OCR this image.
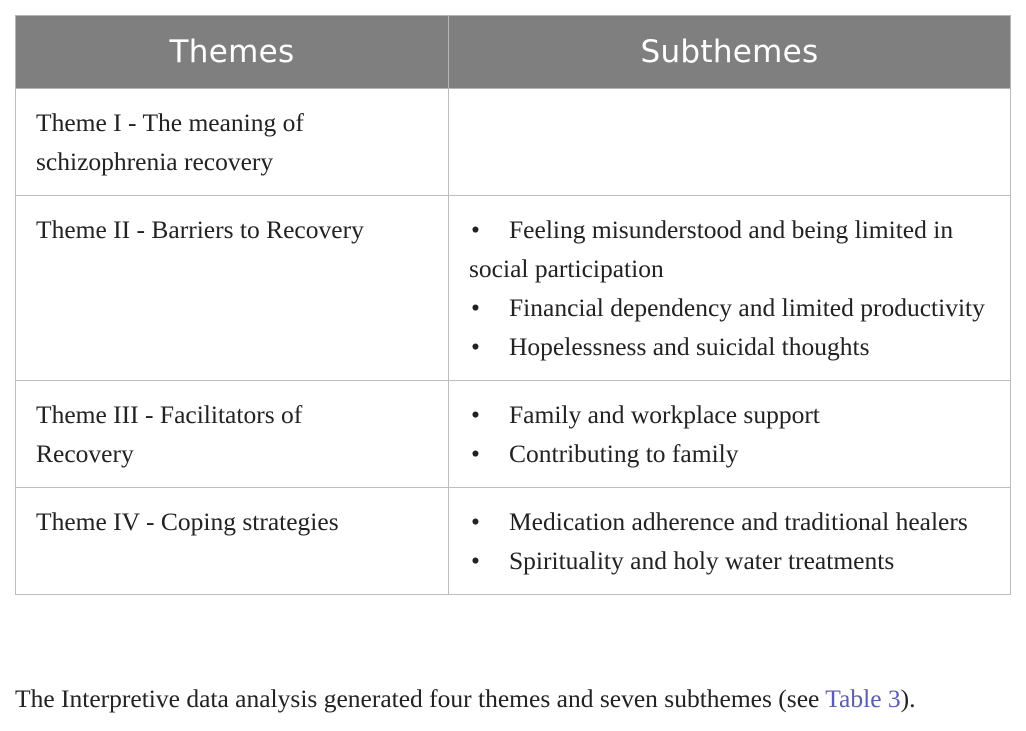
Themes	Subthemes
Theme I - The meaning of schizophrenia recovery	
Theme II - Barriers to Recovery	• Feeling misunderstood and being limited in social participation
• Financial dependency and limited productivity
• Hopelessness and suicidal thoughts

Theme III - Facilitators of Recovery	• Family and workplace support
• Contributing to family

Theme IV - Coping strategies	• Medication adherence and traditional healers
• Spirituality and holy water treatments
The Interpretive data analysis generated four themes and seven subthemes (see Table 3).
